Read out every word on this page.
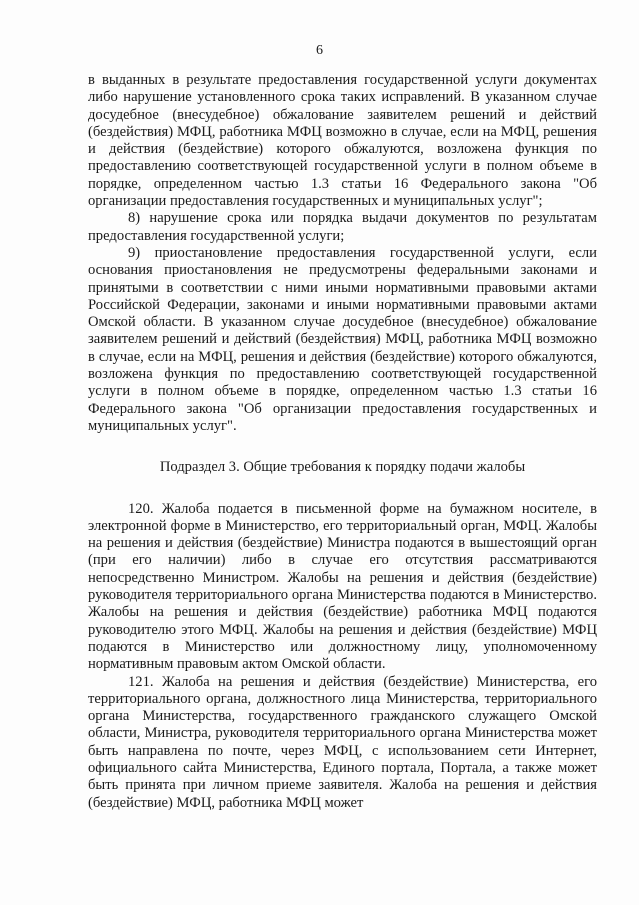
6

в выданных в результате предоставления государственной услуги документах либо нарушение установленного срока таких исправлений. В указанном случае досудебное (внесудебное) обжалование заявителем решений и действий (бездействия) МФЦ, работника МФЦ возможно в случае, если на МФЦ, решения и действия (бездействие) которого обжалуются, возложена функция по предоставлению соответствующей государственной услуги в полном объеме в порядке, определенном частью 1.3 статьи 16 Федерального закона "Об организации предоставления государственных и муниципальных услуг";

8) нарушение срока или порядка выдачи документов по результатам предоставления государственной услуги;

9) приостановление предоставления государственной услуги, если основания приостановления не предусмотрены федеральными законами и принятыми в соответствии с ними иными нормативными правовыми актами Российской Федерации, законами и иными нормативными правовыми актами Омской области. В указанном случае досудебное (внесудебное) обжалование заявителем решений и действий (бездействия) МФЦ, работника МФЦ возможно в случае, если на МФЦ, решения и действия (бездействие) которого обжалуются, возложена функция по предоставлению соответствующей государственной услуги в полном объеме в порядке, определенном частью 1.3 статьи 16 Федерального закона "Об организации предоставления государственных и муниципальных услуг".

Подраздел 3. Общие требования к порядку подачи жалобы

120. Жалоба подается в письменной форме на бумажном носителе, в электронной форме в Министерство, его территориальный орган, МФЦ. Жалобы на решения и действия (бездействие) Министра подаются в вышестоящий орган (при его наличии) либо в случае его отсутствия рассматриваются непосредственно Министром. Жалобы на решения и действия (бездействие) руководителя территориального органа Министерства подаются в Министерство. Жалобы на решения и действия (бездействие) работника МФЦ подаются руководителю этого МФЦ. Жалобы на решения и действия (бездействие) МФЦ подаются в Министерство или должностному лицу, уполномоченному нормативным правовым актом Омской области.

121. Жалоба на решения и действия (бездействие) Министерства, его территориального органа, должностного лица Министерства, территориального органа Министерства, государственного гражданского служащего Омской области, Министра, руководителя территориального органа Министерства может быть направлена по почте, через МФЦ, с использованием сети Интернет, официального сайта Министерства, Единого портала, Портала, а также может быть принята при личном приеме заявителя. Жалоба на решения и действия (бездействие) МФЦ, работника МФЦ может
